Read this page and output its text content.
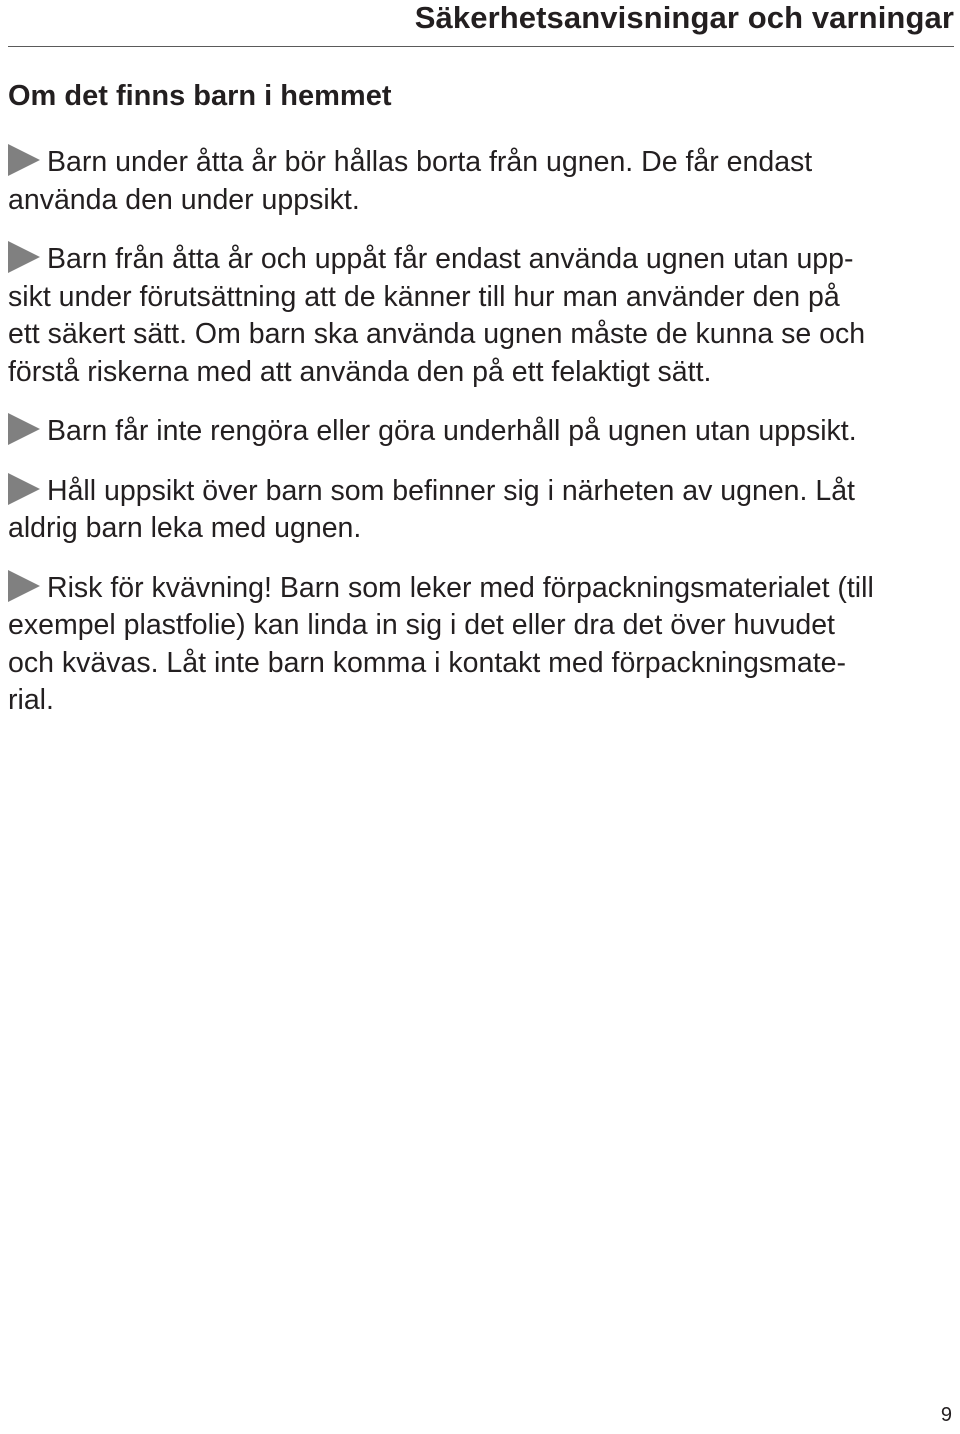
Säkerhetsanvisningar och varningar
Om det finns barn i hemmet

Barn under åtta år bör hållas borta från ugnen. De får endast
använda den under uppsikt.

Barn från åtta år och uppåt får endast använda ugnen utan upp-
sikt under förutsättning att de känner till hur man använder den på
ett säkert sätt. Om barn ska använda ugnen måste de kunna se och
förstå riskerna med att använda den på ett felaktigt sätt.

Barn får inte rengöra eller göra underhåll på ugnen utan uppsikt.

Håll uppsikt över barn som befinner sig i närheten av ugnen. Låt
aldrig barn leka med ugnen.

Risk för kvävning! Barn som leker med förpackningsmaterialet (till
exempel plastfolie) kan linda in sig i det eller dra det över huvudet
och kvävas. Låt inte barn komma i kontakt med förpackningsmate-
rial.

9
